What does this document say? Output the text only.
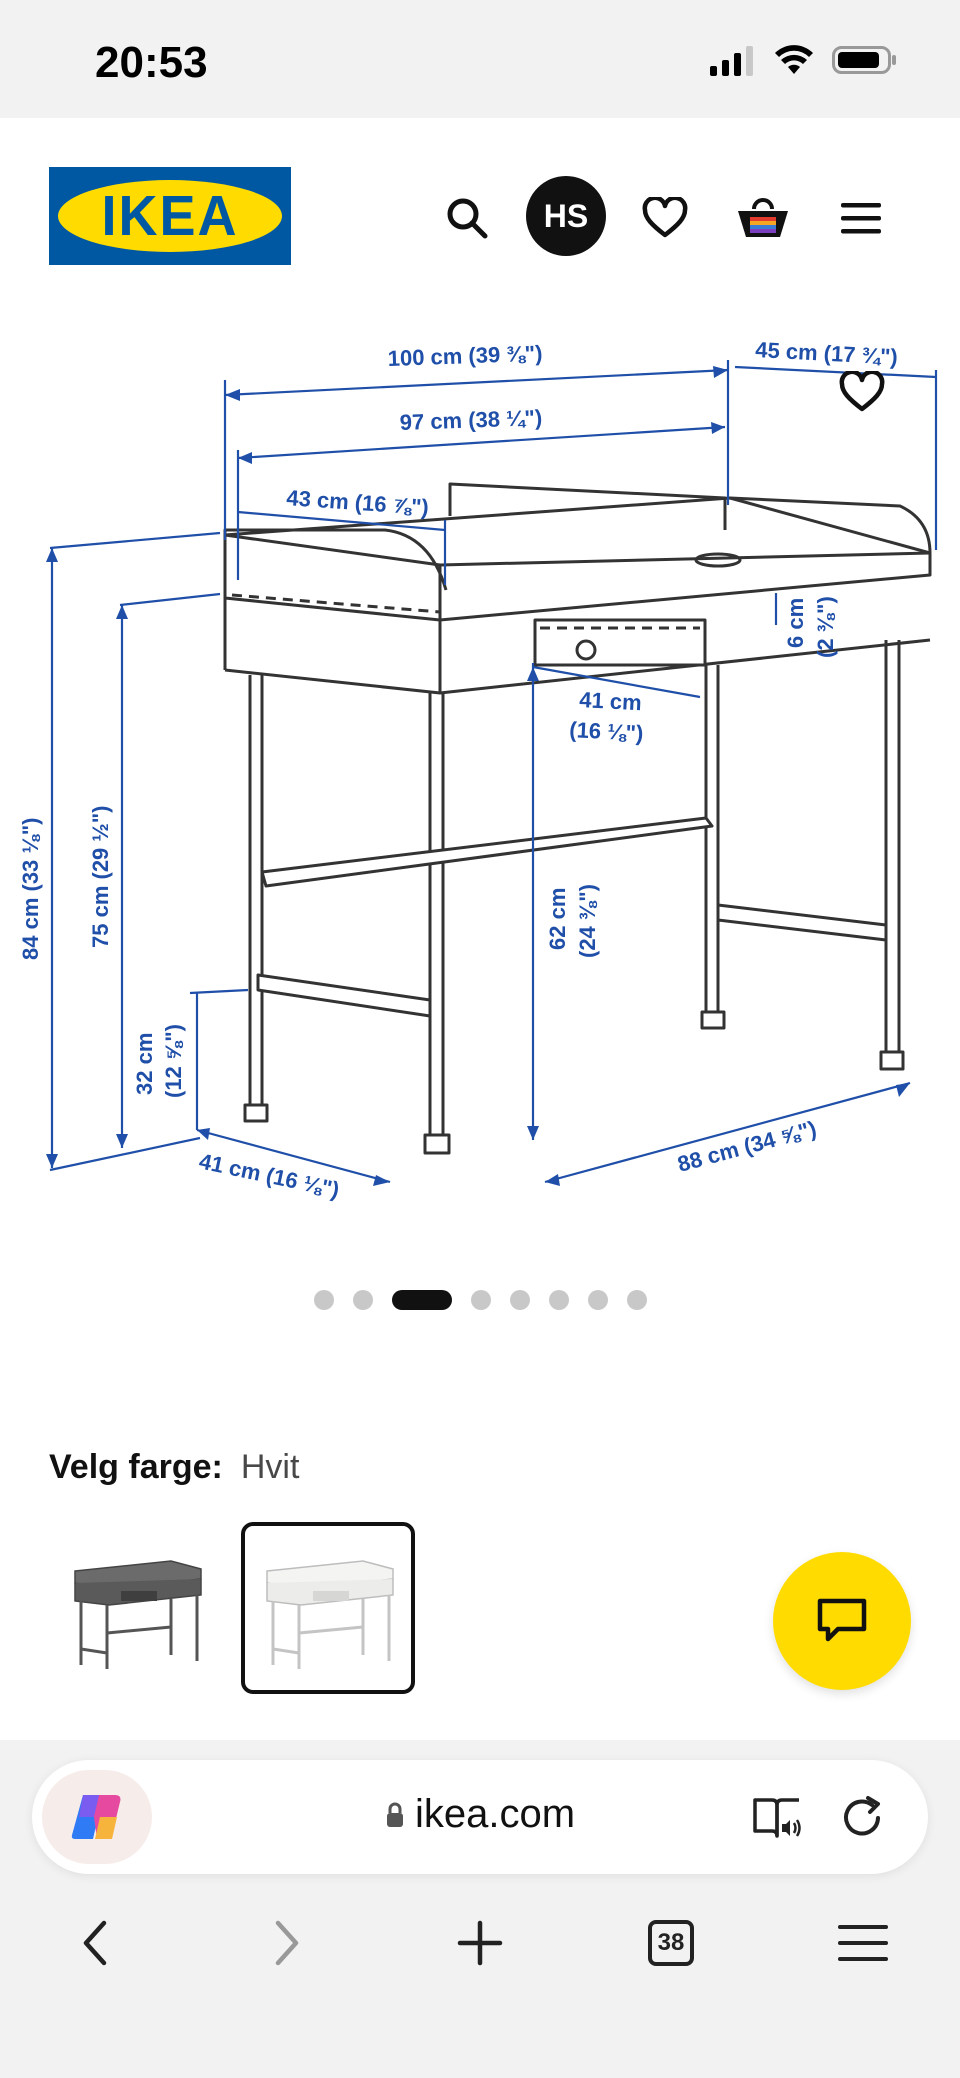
20:53
IKEA	HS
100 cm (39 ⅜")
97 cm (38 ¼")
43 cm (16 ⅞")
45 cm (17 ¾")
6 cm (2 ⅜")
41 cm
(16 ⅛")
84 cm (33 ⅛") 75 cm (29 ½")	62 cm (24 ⅜")
32 cm (12 ⅝")
41 cm (16 ⅛")	88 cm (34 ⅝")
Velg farge: Hvit
ikea.com
38
